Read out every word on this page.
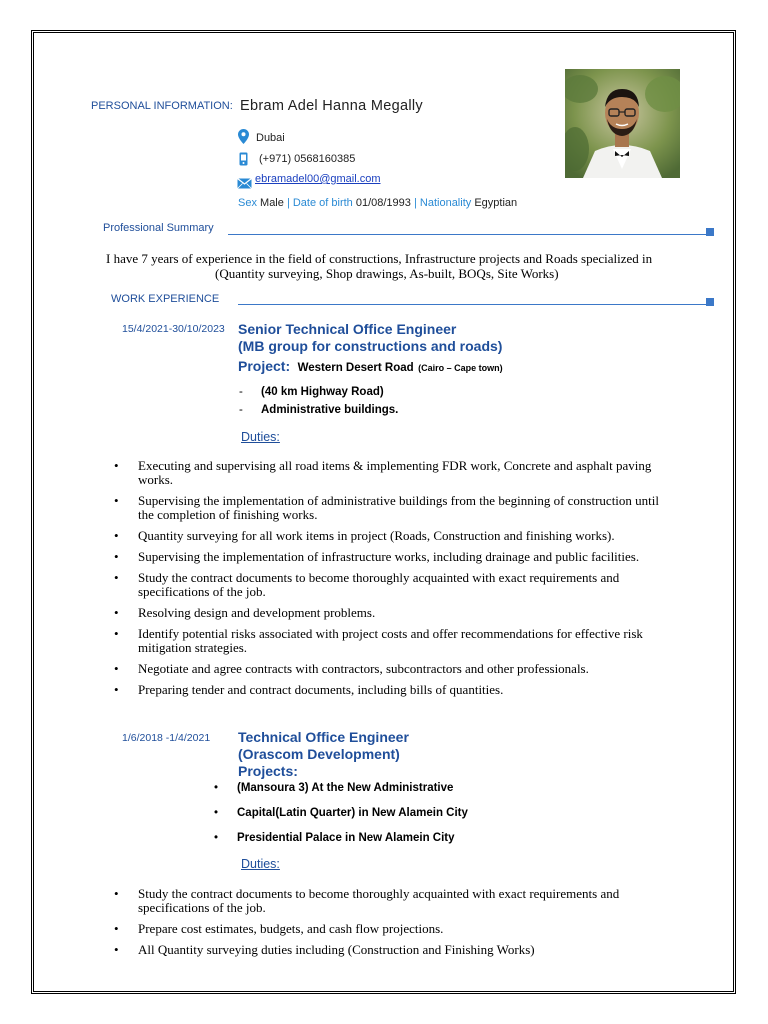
PERSONAL INFORMATION: Ebram Adel Hanna Megally
Dubai
(+971) 0568160385
ebramadel00@gmail.com
Sex Male | Date of birth 01/08/1993 | Nationality Egyptian
Professional Summary
I have 7 years of experience in the field of constructions, Infrastructure projects and Roads specialized in
(Quantity surveying, Shop drawings, As-built, BOQs, Site Works)
WORK EXPERIENCE
15/4/2021-30/10/2023 Senior Technical Office Engineer
(MB group for constructions and roads)
Project: Western Desert Road (Cairo – Cape town)
- (40 km Highway Road)
- Administrative buildings.
Duties:
• Executing and supervising all road items & implementing FDR work, Concrete and asphalt paving
works.
• Supervising the implementation of administrative buildings from the beginning of construction until
the completion of finishing works.
• Quantity surveying for all work items in project (Roads, Construction and finishing works).
• Supervising the implementation of infrastructure works, including drainage and public facilities.
• Study the contract documents to become thoroughly acquainted with exact requirements and
specifications of the job.
• Resolving design and development problems.
• Identify potential risks associated with project costs and offer recommendations for effective risk
mitigation strategies.
• Negotiate and agree contracts with contractors, subcontractors and other professionals.
• Preparing tender and contract documents, including bills of quantities.
1/6/2018 -1/4/2021 Technical Office Engineer
(Orascom Development)
Projects:
• (Mansoura 3) At the New Administrative
• Capital(Latin Quarter) in New Alamein City
• Presidential Palace in New Alamein City
Duties:
• Study the contract documents to become thoroughly acquainted with exact requirements and
specifications of the job.
• Prepare cost estimates, budgets, and cash flow projections.
• All Quantity surveying duties including (Construction and Finishing Works)
